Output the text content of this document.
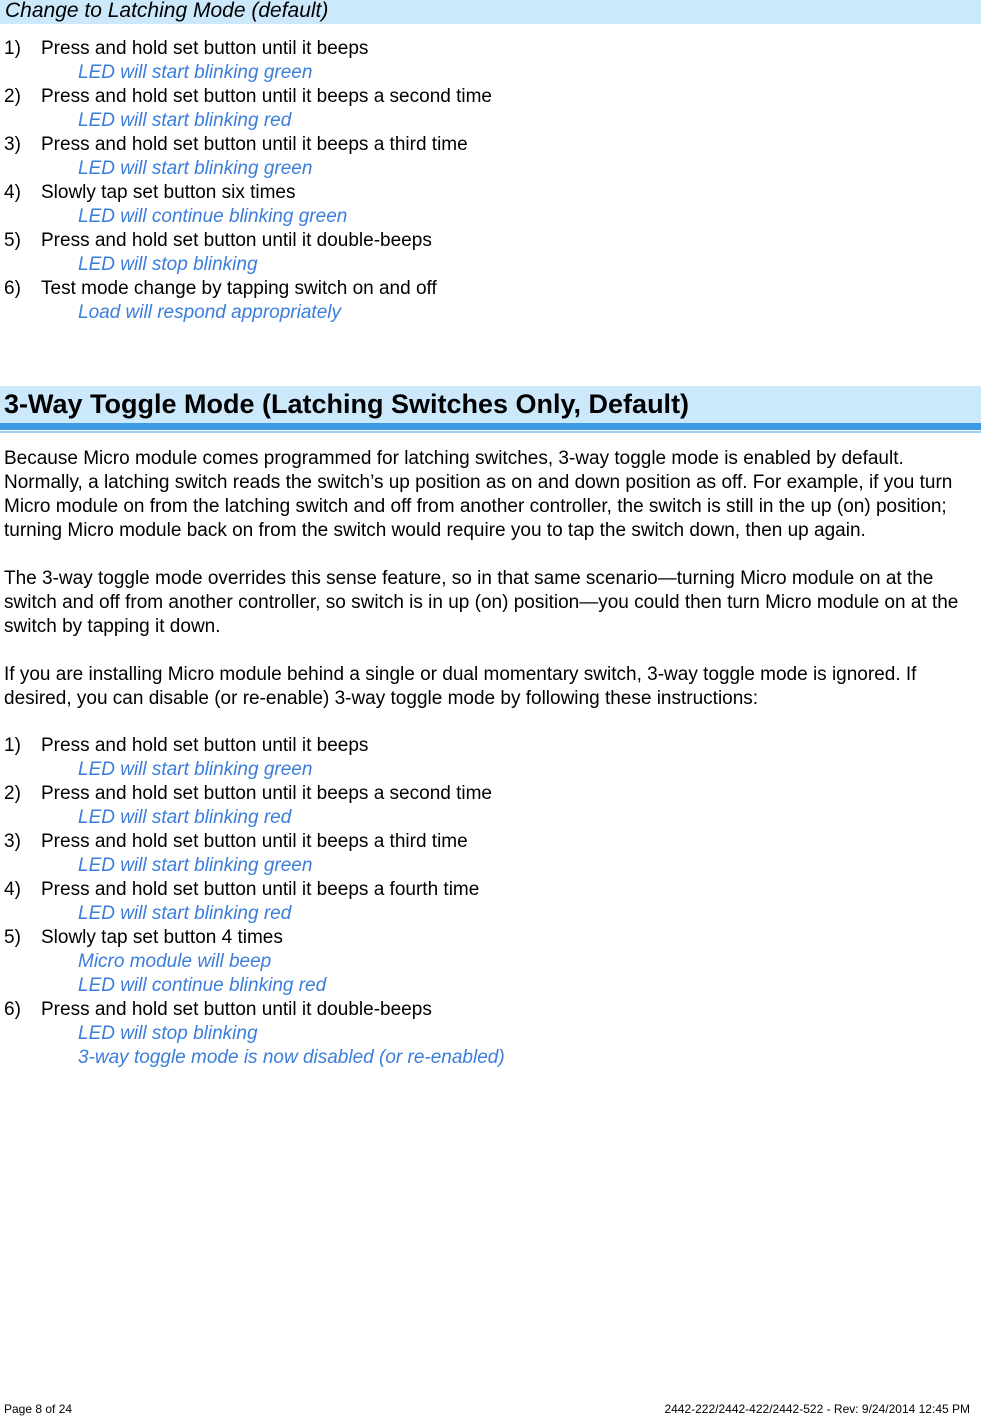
Change to Latching Mode (default)
1) Press and hold set button until it beeps
LED will start blinking green
2) Press and hold set button until it beeps a second time
LED will start blinking red
3) Press and hold set button until it beeps a third time
LED will start blinking green
4) Slowly tap set button six times
LED will continue blinking green
5) Press and hold set button until it double-beeps
LED will stop blinking
6) Test mode change by tapping switch on and off
Load will respond appropriately
3-Way Toggle Mode (Latching Switches Only, Default)

Because Micro module comes programmed for latching switches, 3-way toggle mode is enabled by default. Normally, a latching switch reads the switch’s up position as on and down position as off. For example, if you turn Micro module on from the latching switch and off from another controller, the switch is still in the up (on) position; turning Micro module back on from the switch would require you to tap the switch down, then up again.

The 3-way toggle mode overrides this sense feature, so in that same scenario—turning Micro module on at the switch and off from another controller, so switch is in up (on) position—you could then turn Micro module on at the switch by tapping it down.

If you are installing Micro module behind a single or dual momentary switch, 3-way toggle mode is ignored. If desired, you can disable (or re-enable) 3-way toggle mode by following these instructions:

1) Press and hold set button until it beeps
LED will start blinking green
2) Press and hold set button until it beeps a second time
LED will start blinking red
3) Press and hold set button until it beeps a third time
LED will start blinking green
4) Press and hold set button until it beeps a fourth time
LED will start blinking red
5) Slowly tap set button 4 times
Micro module will beep
LED will continue blinking red
6) Press and hold set button until it double-beeps
LED will stop blinking
3-way toggle mode is now disabled (or re-enabled)
Page 8 of 24	2442-222/2442-422/2442-522 - Rev: 9/24/2014 12:45 PM
